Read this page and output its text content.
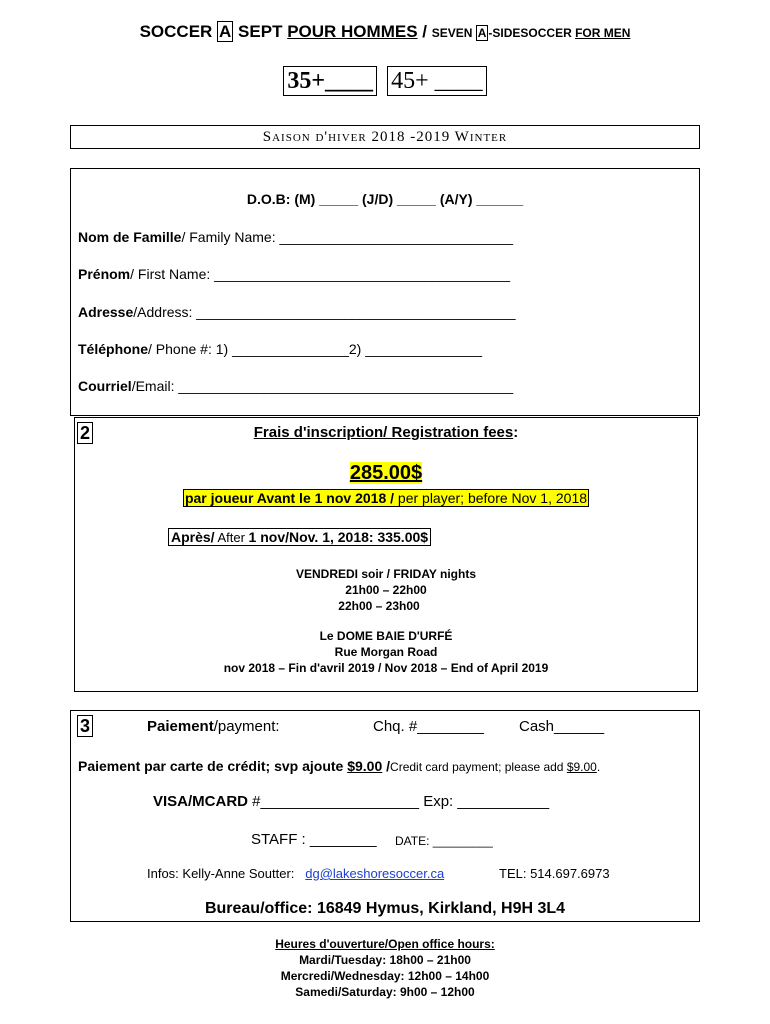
SOCCER A SEPT POUR HOMMES / SEVEN A -SIDESOCCER FOR MEN
35+____ 45+ ____
Saison d'hiver 2018 -2019 Winter
D.O.B: (M) _____ (J/D) _____ (A/Y) ______
Nom de Famille/ Family Name: ______________________________
Prénom/ First Name: ______________________________________
Adresse/Address: _________________________________________
Téléphone/ Phone #: 1) _______________2) _______________
Courriel/Email: ___________________________________________
2	Frais d'inscription/ Registration fees:
285.00$
par joueur Avant le 1 nov 2018 / per player; before Nov 1, 2018
Après/ After 1 nov/Nov. 1, 2018: 335.00$
VENDREDI soir / FRIDAY nights
21h00 – 22h00
22h00 – 23h00
Le DOME BAIE D'URFÉ
Rue Morgan Road
nov 2018 – Fin d'avril 2019 / Nov 2018 – End of April 2019
3	Paiement/payment:	Chq. #________ Cash______
Paiement par carte de crédit; svp ajoute $9.00 /Credit card payment; please add $9.00.
VISA/MCARD #___________________ Exp: ___________
STAFF : ________ DATE: _________
Infos: Kelly-Anne Soutter: dg@lakeshoresoccer.ca	TEL: 514.697.6973
Bureau/office: 16849 Hymus, Kirkland, H9H 3L4
Heures d'ouverture/Open office hours:
Mardi/Tuesday: 18h00 – 21h00
Mercredi/Wednesday: 12h00 – 14h00
Samedi/Saturday: 9h00 – 12h00
